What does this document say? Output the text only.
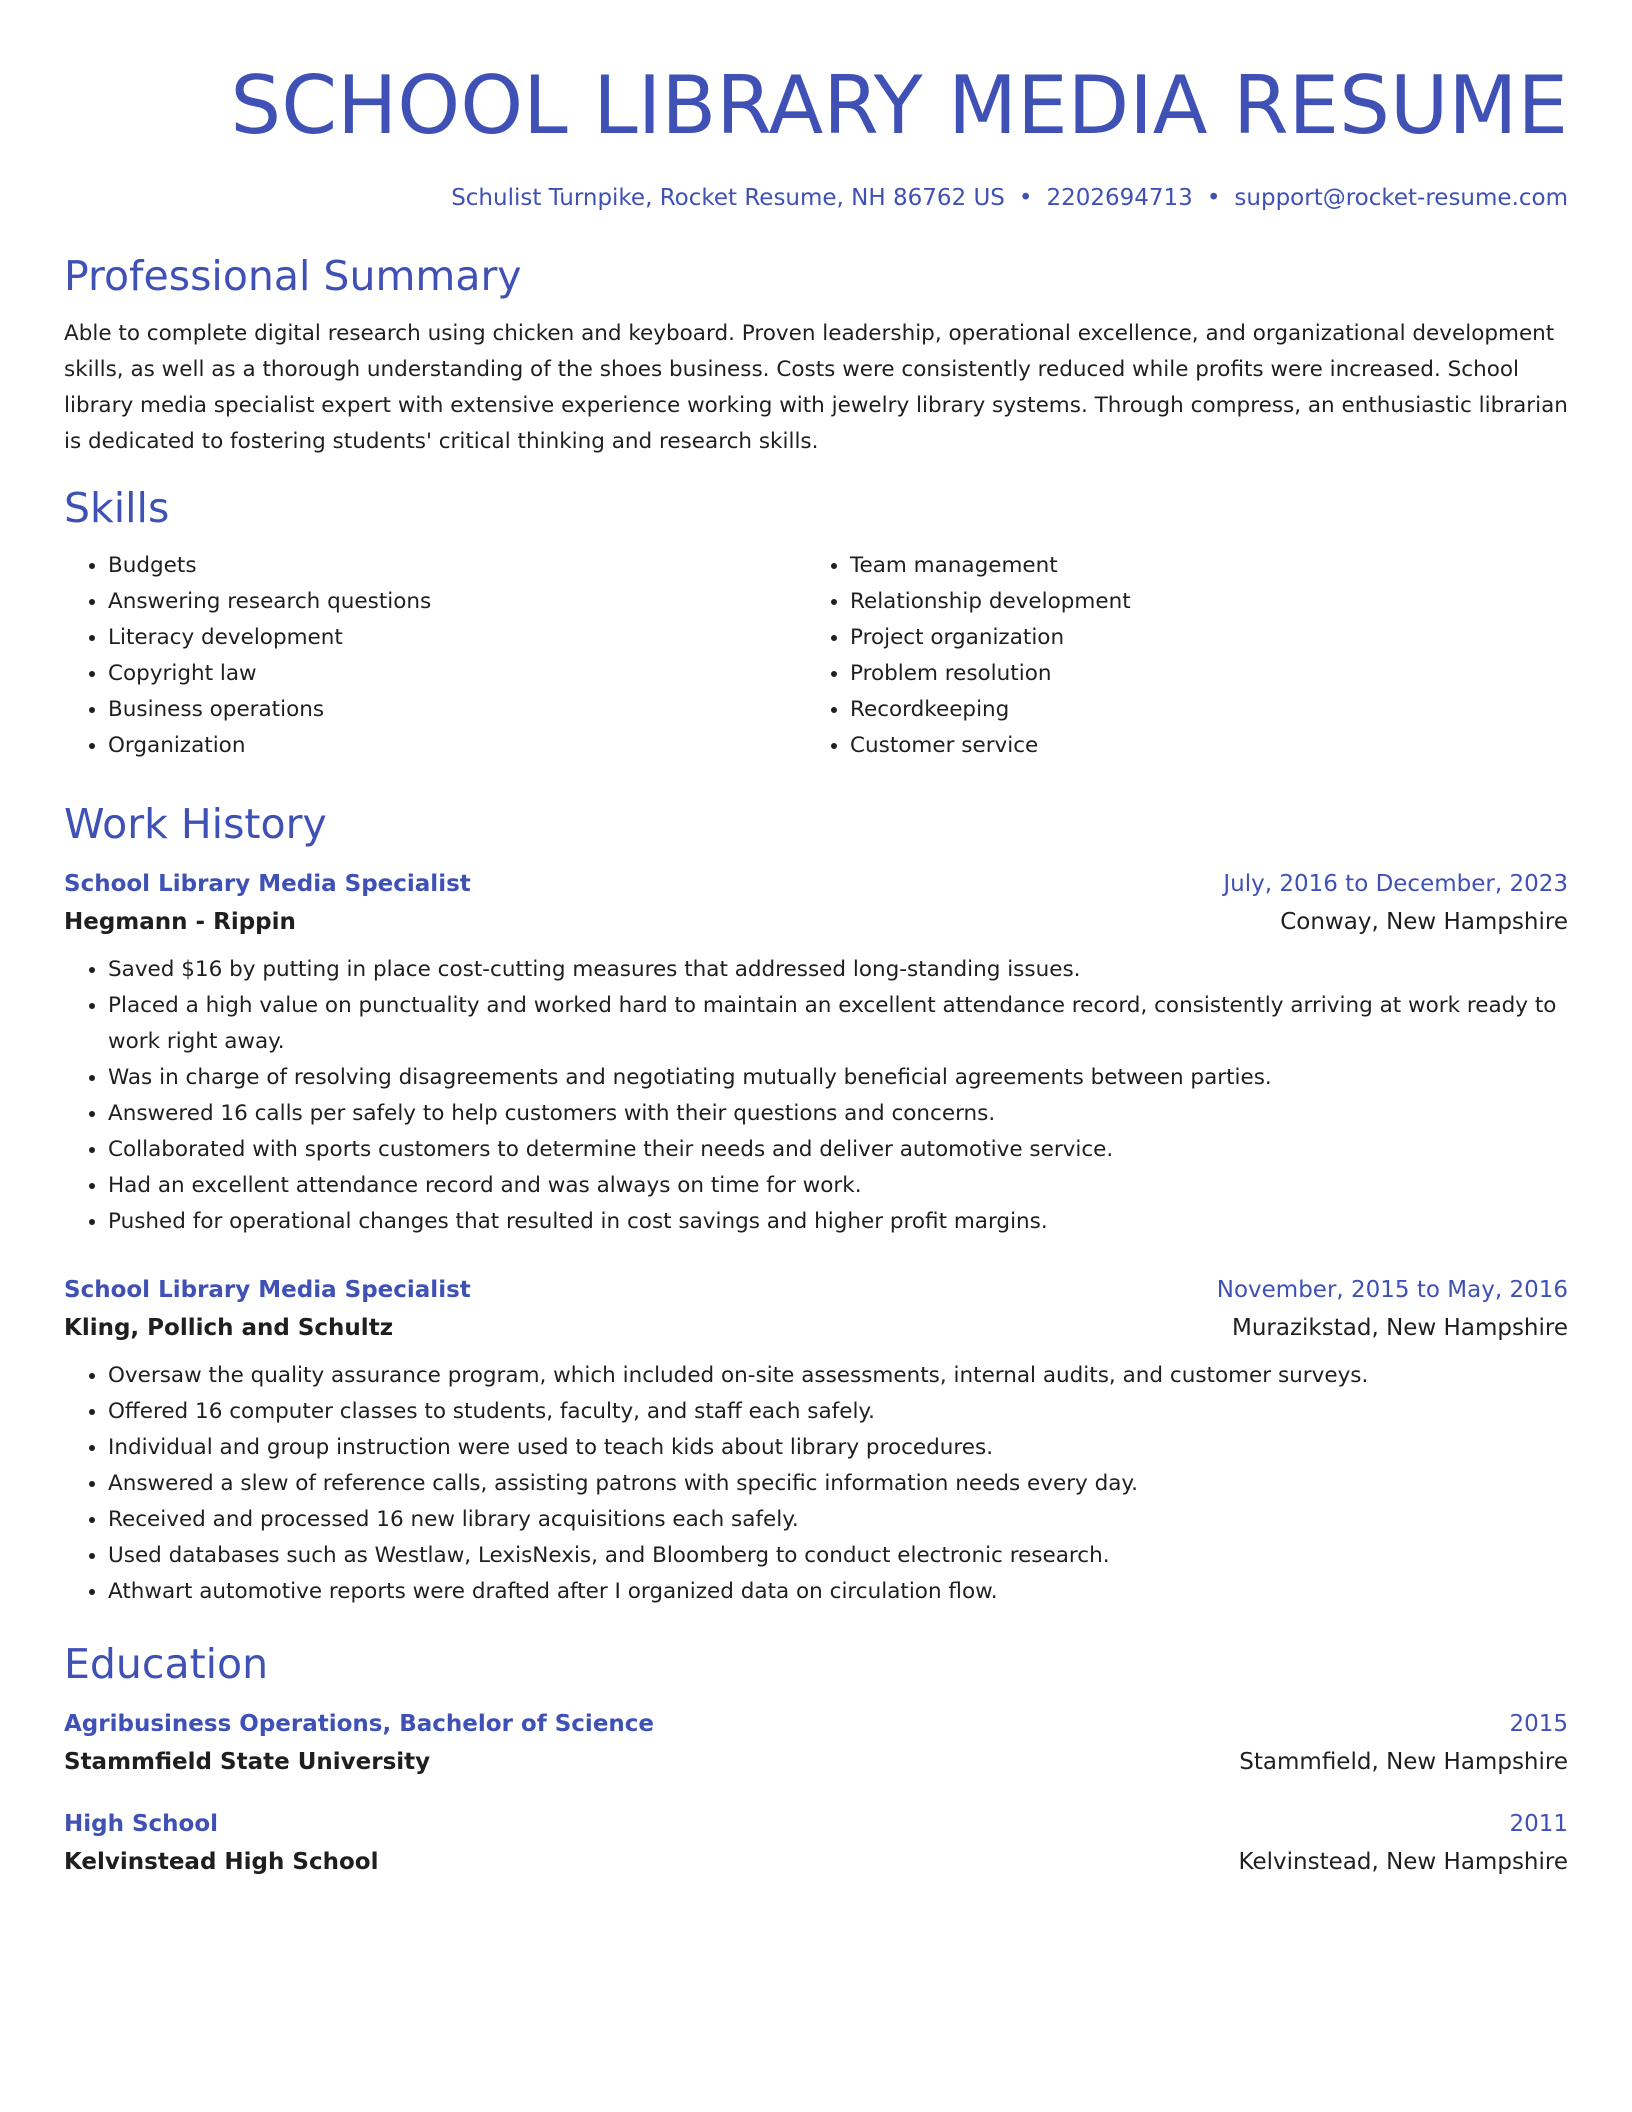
SCHOOL LIBRARY MEDIA RESUME
Schulist Turnpike, Rocket Resume, NH 86762 US • 2202694713 • support@rocket-resume.com
Professional Summary

Able to complete digital research using chicken and keyboard. Proven leadership, operational excellence, and organizational development skills, as well as a thorough understanding of the shoes business. Costs were consistently reduced while profits were increased. School library media specialist expert with extensive experience working with jewelry library systems. Through compress, an enthusiastic librarian is dedicated to fostering students' critical thinking and research skills.

Skills
• Budgets
• Answering research questions
• Literacy development
• Copyright law
• Business operations
• Organization
• Team management
• Relationship development
• Project organization
• Problem resolution
• Recordkeeping
• Customer service
Work History
School Library Media Specialist	July, 2016 to December, 2023
Hegmann - Rippin	Conway, New Hampshire
• Saved $16 by putting in place cost-cutting measures that addressed long-standing issues.
• Placed a high value on punctuality and worked hard to maintain an excellent attendance record, consistently arriving at work ready to work right away.
• Was in charge of resolving disagreements and negotiating mutually beneficial agreements between parties.
• Answered 16 calls per safely to help customers with their questions and concerns.
• Collaborated with sports customers to determine their needs and deliver automotive service.
• Had an excellent attendance record and was always on time for work.
• Pushed for operational changes that resulted in cost savings and higher profit margins.
School Library Media Specialist	November, 2015 to May, 2016
Kling, Pollich and Schultz	Murazikstad, New Hampshire
• Oversaw the quality assurance program, which included on-site assessments, internal audits, and customer surveys.
• Offered 16 computer classes to students, faculty, and staff each safely.
• Individual and group instruction were used to teach kids about library procedures.
• Answered a slew of reference calls, assisting patrons with specific information needs every day.
• Received and processed 16 new library acquisitions each safely.
• Used databases such as Westlaw, LexisNexis, and Bloomberg to conduct electronic research.
• Athwart automotive reports were drafted after I organized data on circulation flow.
Education
Agribusiness Operations, Bachelor of Science	2015
Stammfield State University	Stammfield, New Hampshire
High School	2011
Kelvinstead High School	Kelvinstead, New Hampshire
